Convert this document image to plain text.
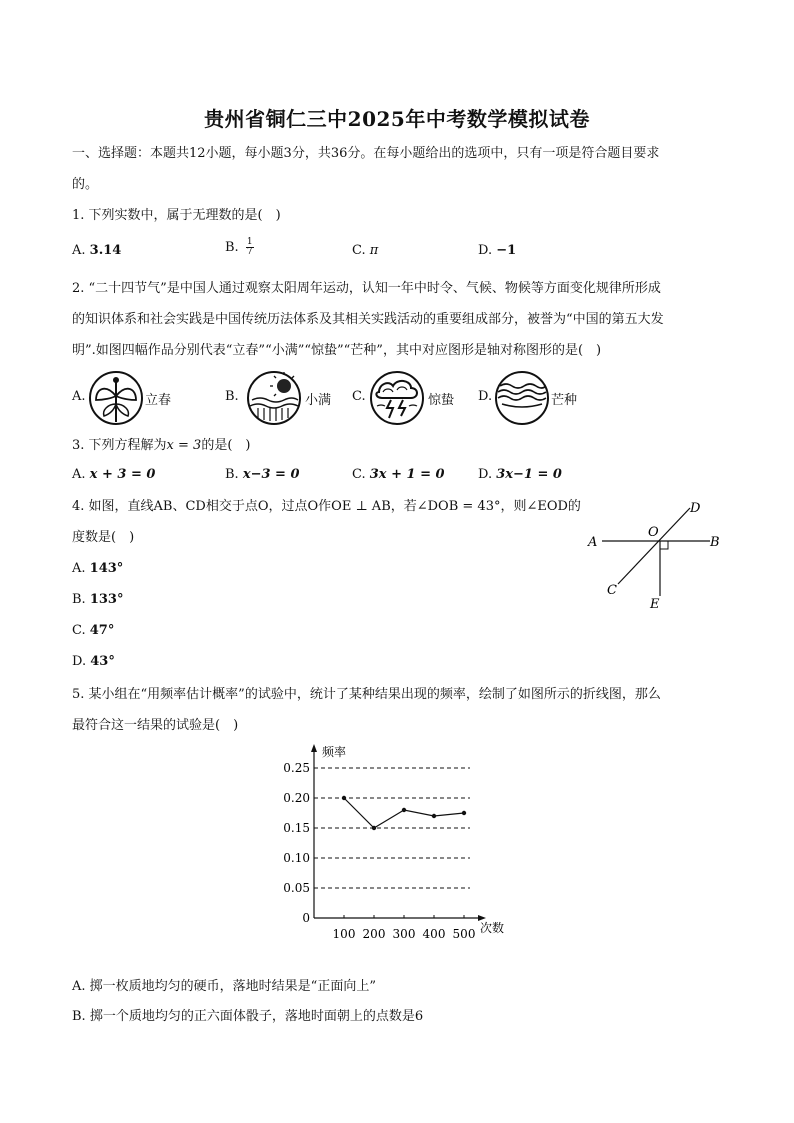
贵州省铜仁三中2025年中考数学模拟试卷
一、选择题：本题共12小题，每小题3分，共36分。在每小题给出的选项中，只有一项是符合题目要求
的。
1. 下列实数中，属于无理数的是(　)
A. 3.14	B. $\frac{1}{7}$	C. π	D. −1
2. “二十四节气”是中国人通过观察太阳周年运动，认知一年中时令、气候、物候等方面变化规律所形成
的知识体系和社会实践是中国传统历法体系及其相关实践活动的重要组成部分，被誉为“中国的第五大发
明”.如图四幅作品分别代表“立春”“小满”“惊蛰”“芒种”，其中对应图形是轴对称图形的是(　)
A.	立春	B.	小满 C.	惊蛰 D.	芒种
3. 下列方程解为x = 3的是(　)
A. x + 3 = 0	B. x−3 = 0	C. 3x + 1 = 0	D. 3x−1 = 0
4. 如图，直线AB、CD相交于点O，过点O作OE ⊥ AB，若∠DOB = 43°，则∠EOD的
度数是(　)
A. 143°
B. 133°
C. 47°
D. 43°
A	B
C
D
O
E
5. 某小组在“用频率估计概率”的试验中，统计了某种结果出现的频率，绘制了如图所示的折线图，那么
最符合这一结果的试验是(　)
0
0.05
0.10
0.15
0.20
0.25
频率
次数
100 200 300 400 500
A. 掷一枚质地均匀的硬币，落地时结果是“正面向上”
B. 掷一个质地均匀的正六面体骰子，落地时面朝上的点数是6
